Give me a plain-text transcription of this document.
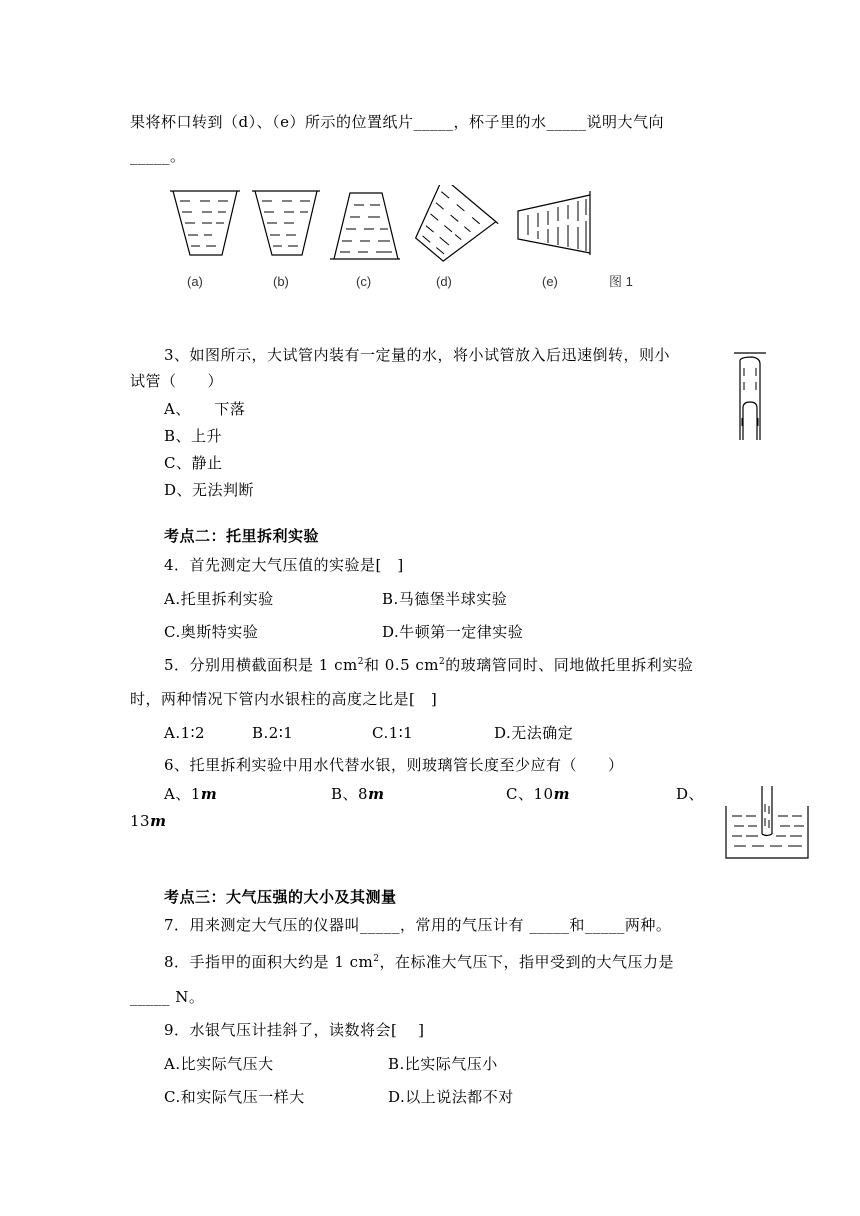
果将杯口转到（d）、（e）所示的位置纸片_____，杯子里的水_____说明大气向
_____。
(a)	(b)	(c)	(d)	(e)	图 1
3、如图所示，大试管内装有一定量的水，将小试管放入后迅速倒转，则小
试管（　　）
A、　　下落
B、上升
C、静止
D、无法判断
考点二：托里拆利实验
4．首先测定大气压值的实验是[　]
A.托里拆利实验	B.马德堡半球实验
C.奥斯特实验	D.牛顿第一定律实验
5．分别用横截面积是 1 $cm^2$和 0.5 $cm^2$的玻璃管同时、同地做托里拆利实验
时，两种情况下管内水银柱的高度之比是[　]
A.1∶2	B.2∶1	C.1∶1	D.无法确定
6、托里拆利实验中用水代替水银，则玻璃管长度至少应有（　　）
A、1m	B、8m	C、10m	D、
13m
考点三：大气压强的大小及其测量
7．用来测定大气压的仪器叫_____，常用的气压计有 _____和_____两种。
8．手指甲的面积大约是 1 $cm^2$，在标准大气压下，指甲受到的大气压力是
_____ N。
9．水银气压计挂斜了，读数将会[　 ]
A.比实际气压大	B.比实际气压小
C.和实际气压一样大	D.以上说法都不对
